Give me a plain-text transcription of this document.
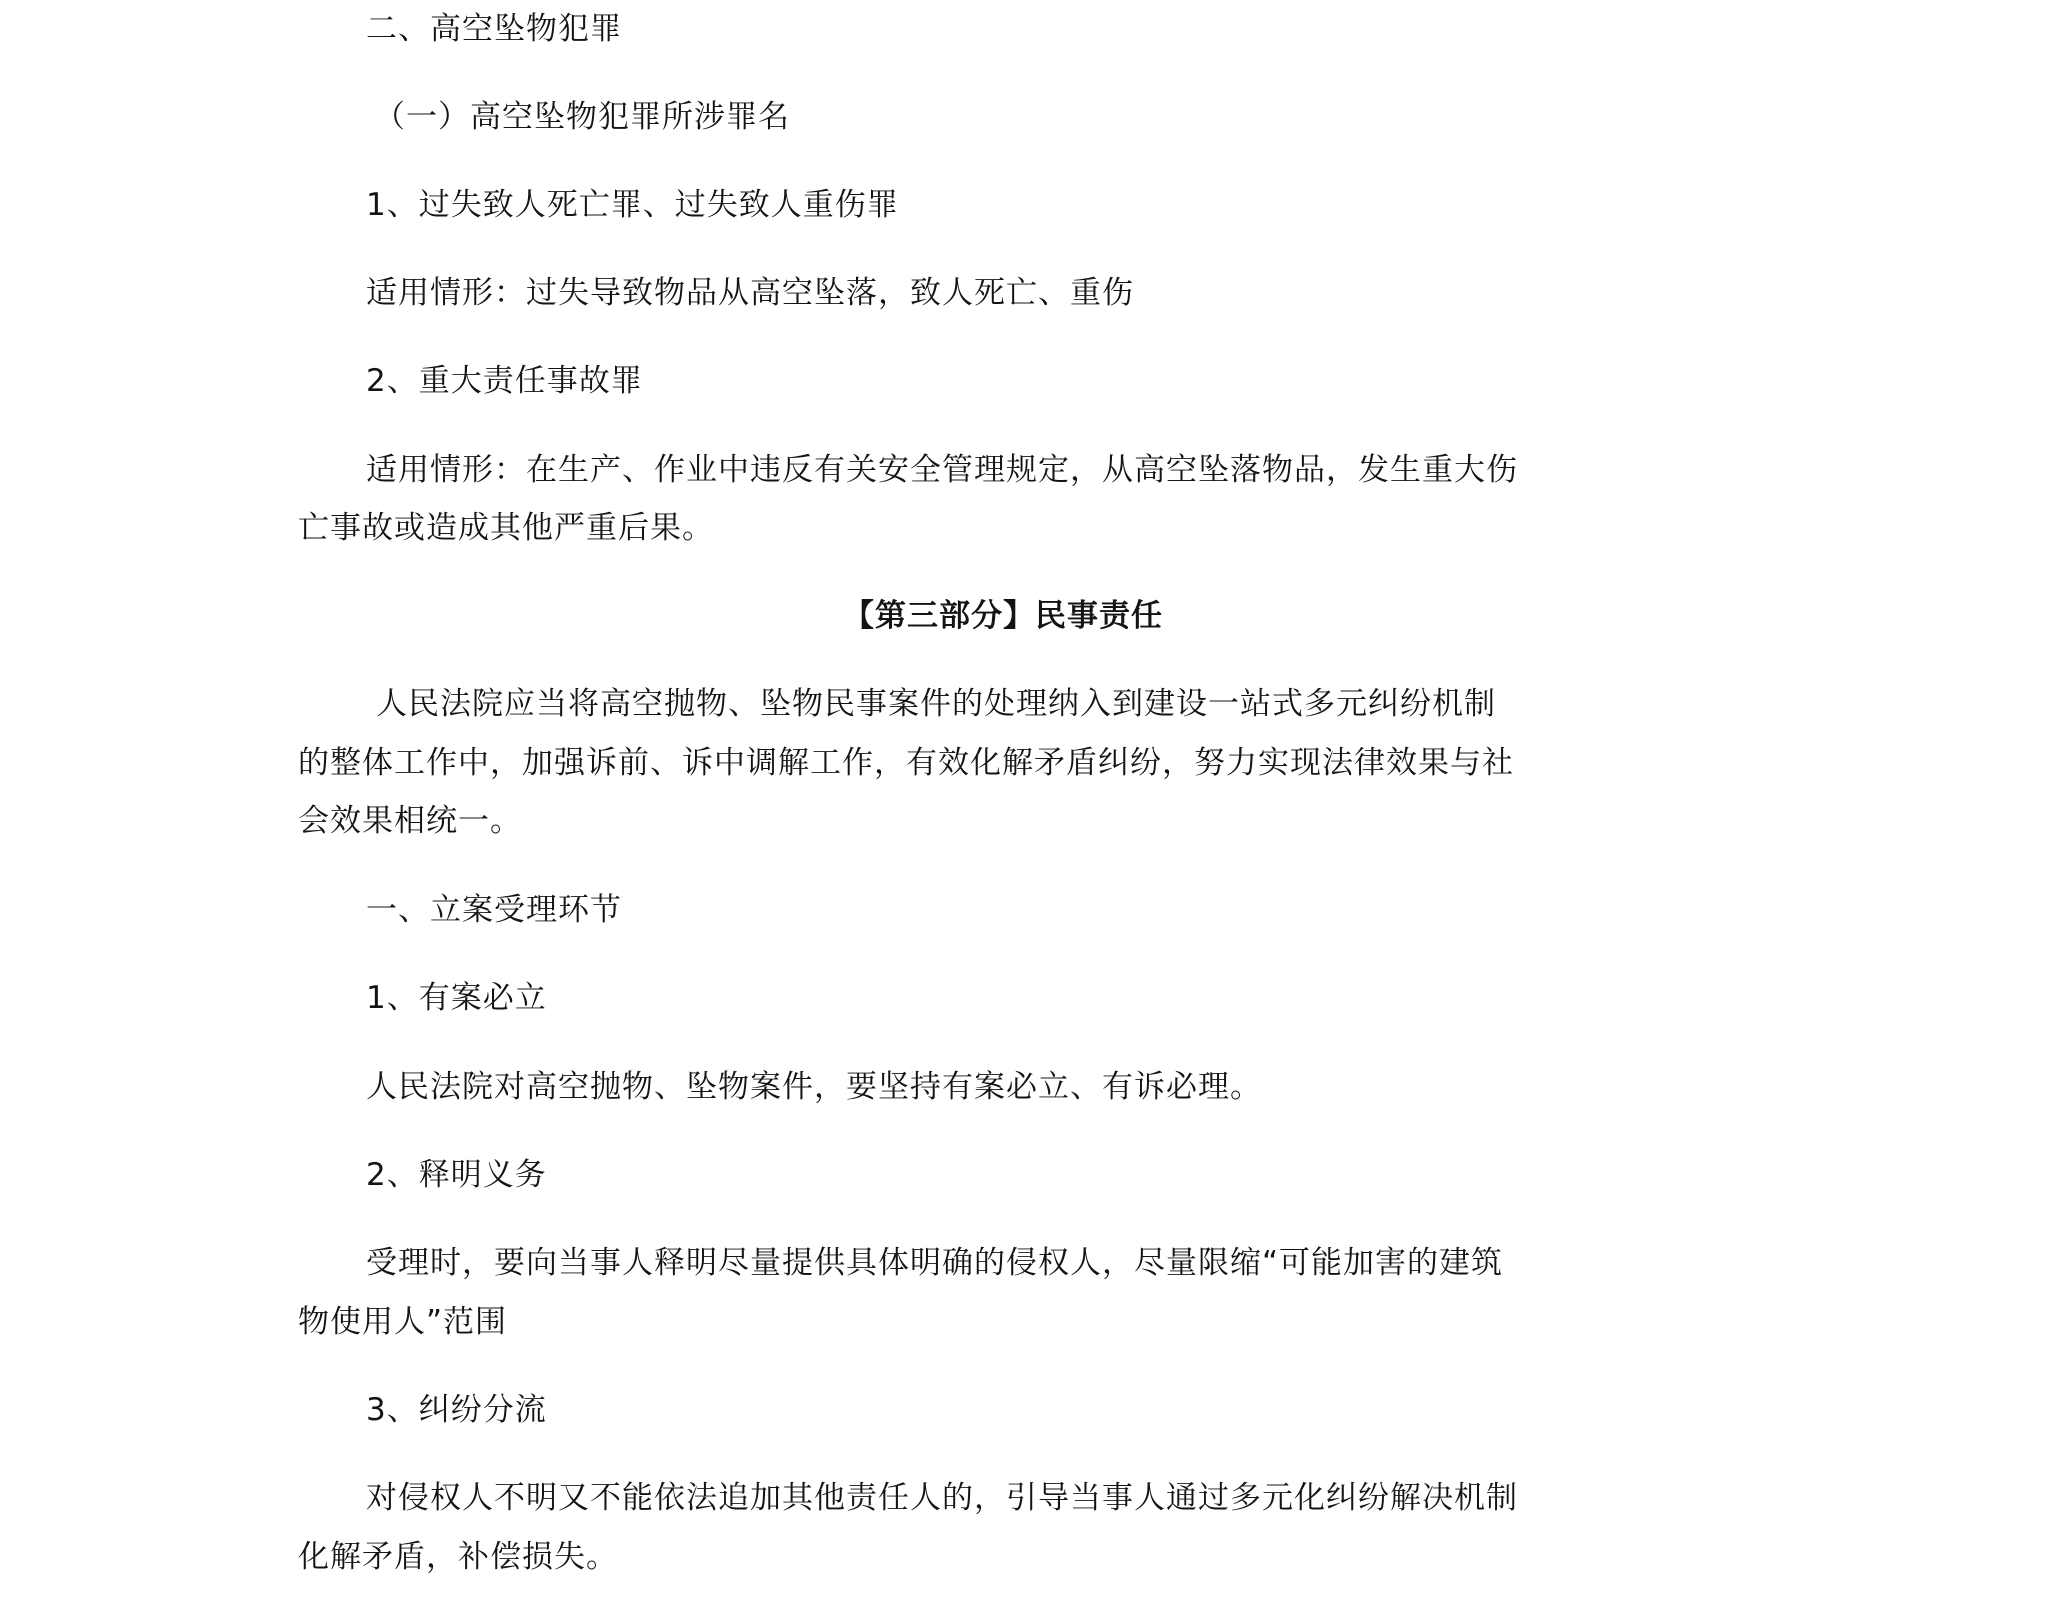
二、高空坠物犯罪
（一）高空坠物犯罪所涉罪名
1、过失致人死亡罪、过失致人重伤罪
适用情形：过失导致物品从高空坠落，致人死亡、重伤
2、重大责任事故罪
适用情形：在生产、作业中违反有关安全管理规定，从高空坠落物品，发生重大伤
亡事故或造成其他严重后果。
【第三部分】民事责任
人民法院应当将高空抛物、坠物民事案件的处理纳入到建设一站式多元纠纷机制
的整体工作中，加强诉前、诉中调解工作，有效化解矛盾纠纷，努力实现法律效果与社
会效果相统一。
一、立案受理环节
1、有案必立
人民法院对高空抛物、坠物案件，要坚持有案必立、有诉必理。
2、释明义务
受理时，要向当事人释明尽量提供具体明确的侵权人，尽量限缩“可能加害的建筑
物使用人”范围
3、纠纷分流
对侵权人不明又不能依法追加其他责任人的，引导当事人通过多元化纠纷解决机制
化解矛盾，补偿损失。
